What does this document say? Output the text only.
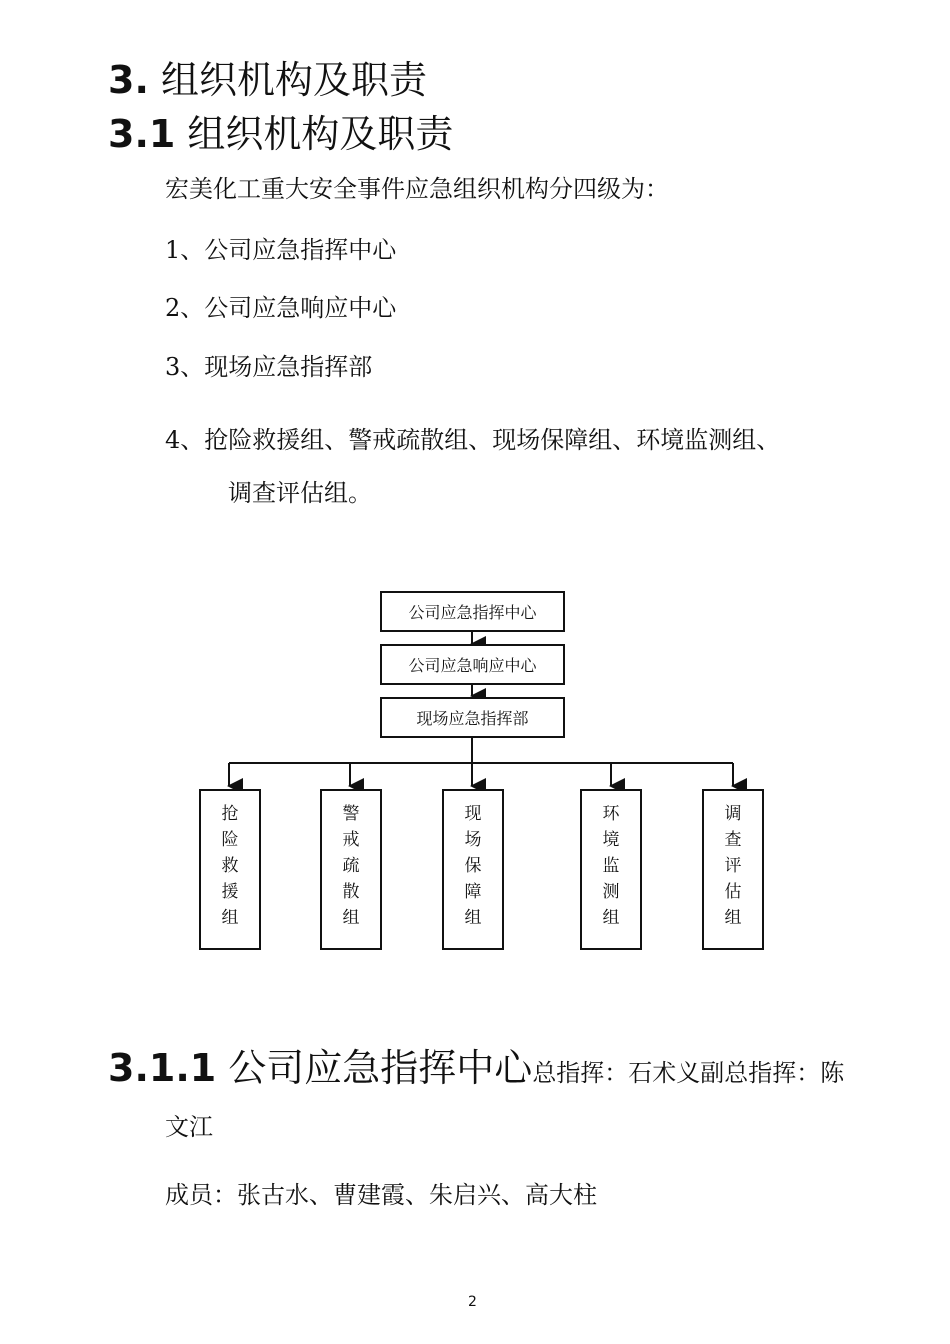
3. 组织机构及职责
3.1 组织机构及职责
宏美化工重大安全事件应急组织机构分四级为：
1、公司应急指挥中心
2、公司应急响应中心
3、现场应急指挥部
4、抢险救援组、警戒疏散组、现场保障组、环境监测组、
调查评估组。
公司应急指挥中心
公司应急响应中心
现场应急指挥部
抢
险
救
援
组
警
戒
疏
散
组
现
场
保
障
组
环
境
监
测
组
调
查
评
估
组
3.1.1 公司应急指挥中心总指挥：石术义副总指挥：陈
文江
成员：张古水、曹建霞、朱启兴、高大柱
2
